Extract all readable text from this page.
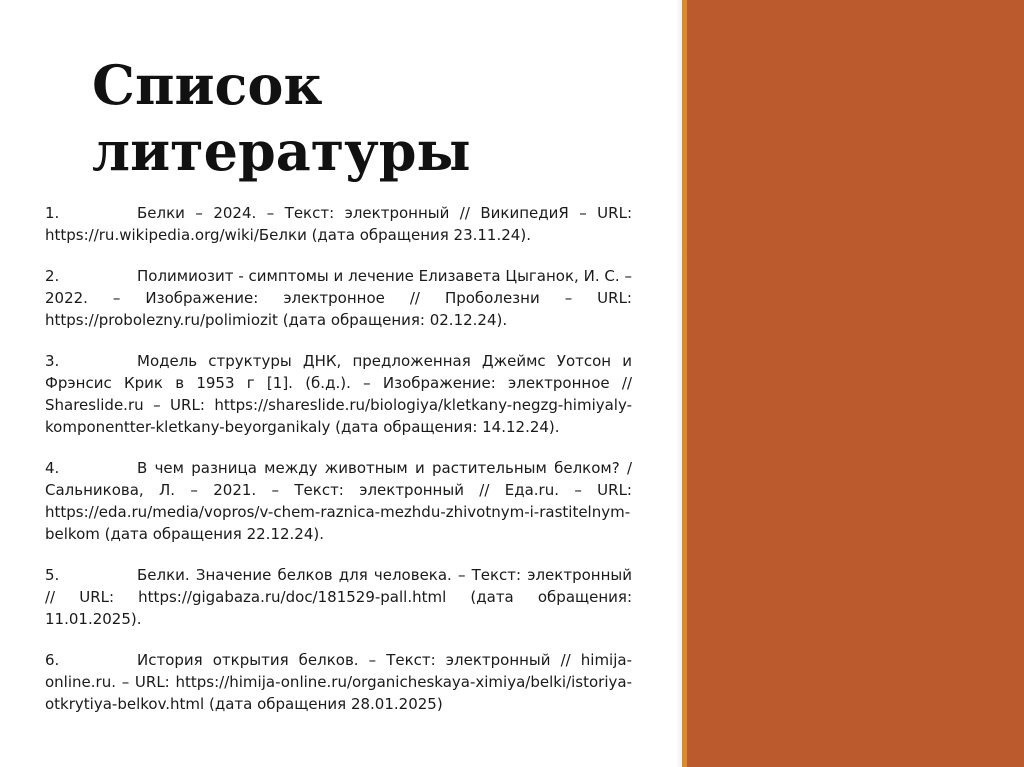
Список литературы

1.	Белки – 2024. – Текст: электронный // ВикипедиЯ – URL: https://ru.wikipedia.org/wiki/Белки (дата обращения 23.11.24).

2.	Полимиозит - симптомы и лечение Елизавета Цыганок, И. С. – 2022. – Изображение: электронное // Проболезни – URL: https://probolezny.ru/polimiozit (дата обращения: 02.12.24).

3.	Модель структуры ДНК, предложенная Джеймс Уотсон и Фрэнсис Крик в 1953 г [1]. (б.д.). – Изображение: электронное // Shareslide.ru – URL: https://shareslide.ru/biologiya/kletkany-negzg-himiyaly-komponentter-kletkany-beyorganikaly (дата обращения: 14.12.24).

4.	В чем разница между животным и растительным белком? / Сальникова, Л. – 2021. – Текст: электронный // Еда.ru. – URL: https://eda.ru/media/vopros/v-chem-raznica-mezhdu-zhivotnym-i-rastitelnym-belkom (дата обращения 22.12.24).

5.	Белки. Значение белков для человека. – Текст: электронный // URL: https://gigabaza.ru/doc/181529-pall.html (дата обращения: 11.01.2025).

6.	История открытия белков. – Текст: электронный // himija-online.ru. – URL: https://himija-online.ru/organicheskaya-ximiya/belki/istoriya-otkrytiya-belkov.html (дата обращения 28.01.2025)
